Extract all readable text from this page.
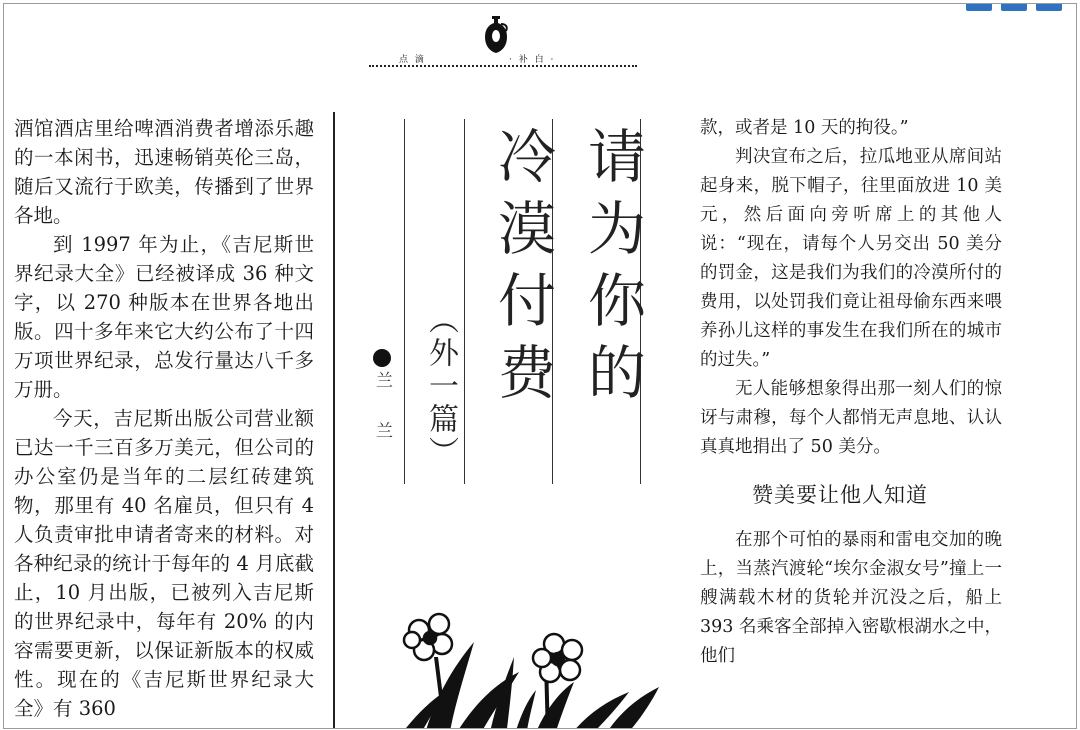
点 滴	· 补 白 ·

酒馆酒店里给啤酒消费者增添乐趣的一本闲书，迅速畅销英伦三岛，随后又流行于欧美，传播到了世界各地。

到 1997 年为止，《吉尼斯世界纪录大全》已经被译成 36 种文字，以 270 种版本在世界各地出版。四十多年来它大约公布了十四万项世界纪录，总发行量达八千多万册。

今天，吉尼斯出版公司营业额已达一千三百多万美元，但公司的办公室仍是当年的二层红砖建筑物，那里有 40 名雇员，但只有 4 人负责审批申请者寄来的材料。对各种纪录的统计于每年的 4 月底截止，10 月出版，已被列入吉尼斯的世界纪录中，每年有 20% 的内容需要更新，以保证新版本的权威性。现在的《吉尼斯世界纪录大全》有 360

请为你的
冷漠付费
（外一篇）
兰 兰

款，或者是 10 天的拘役。”

判决宣布之后，拉瓜地亚从席间站起身来，脱下帽子，往里面放进 10 美元，然后面向旁听席上的其他人说：“现在，请每个人另交出 50 美分的罚金，这是我们为我们的冷漠所付的费用，以处罚我们竟让祖母偷东西来喂养孙儿这样的事发生在我们所在的城市的过失。”

无人能够想象得出那一刻人们的惊讶与肃穆，每个人都悄无声息地、认认真真地捐出了 50 美分。

赞美要让他人知道

在那个可怕的暴雨和雷电交加的晚上，当蒸汽渡轮“埃尔金淑女号”撞上一艘满载木材的货轮并沉没之后，船上 393 名乘客全部掉入密歇根湖水之中，他们
